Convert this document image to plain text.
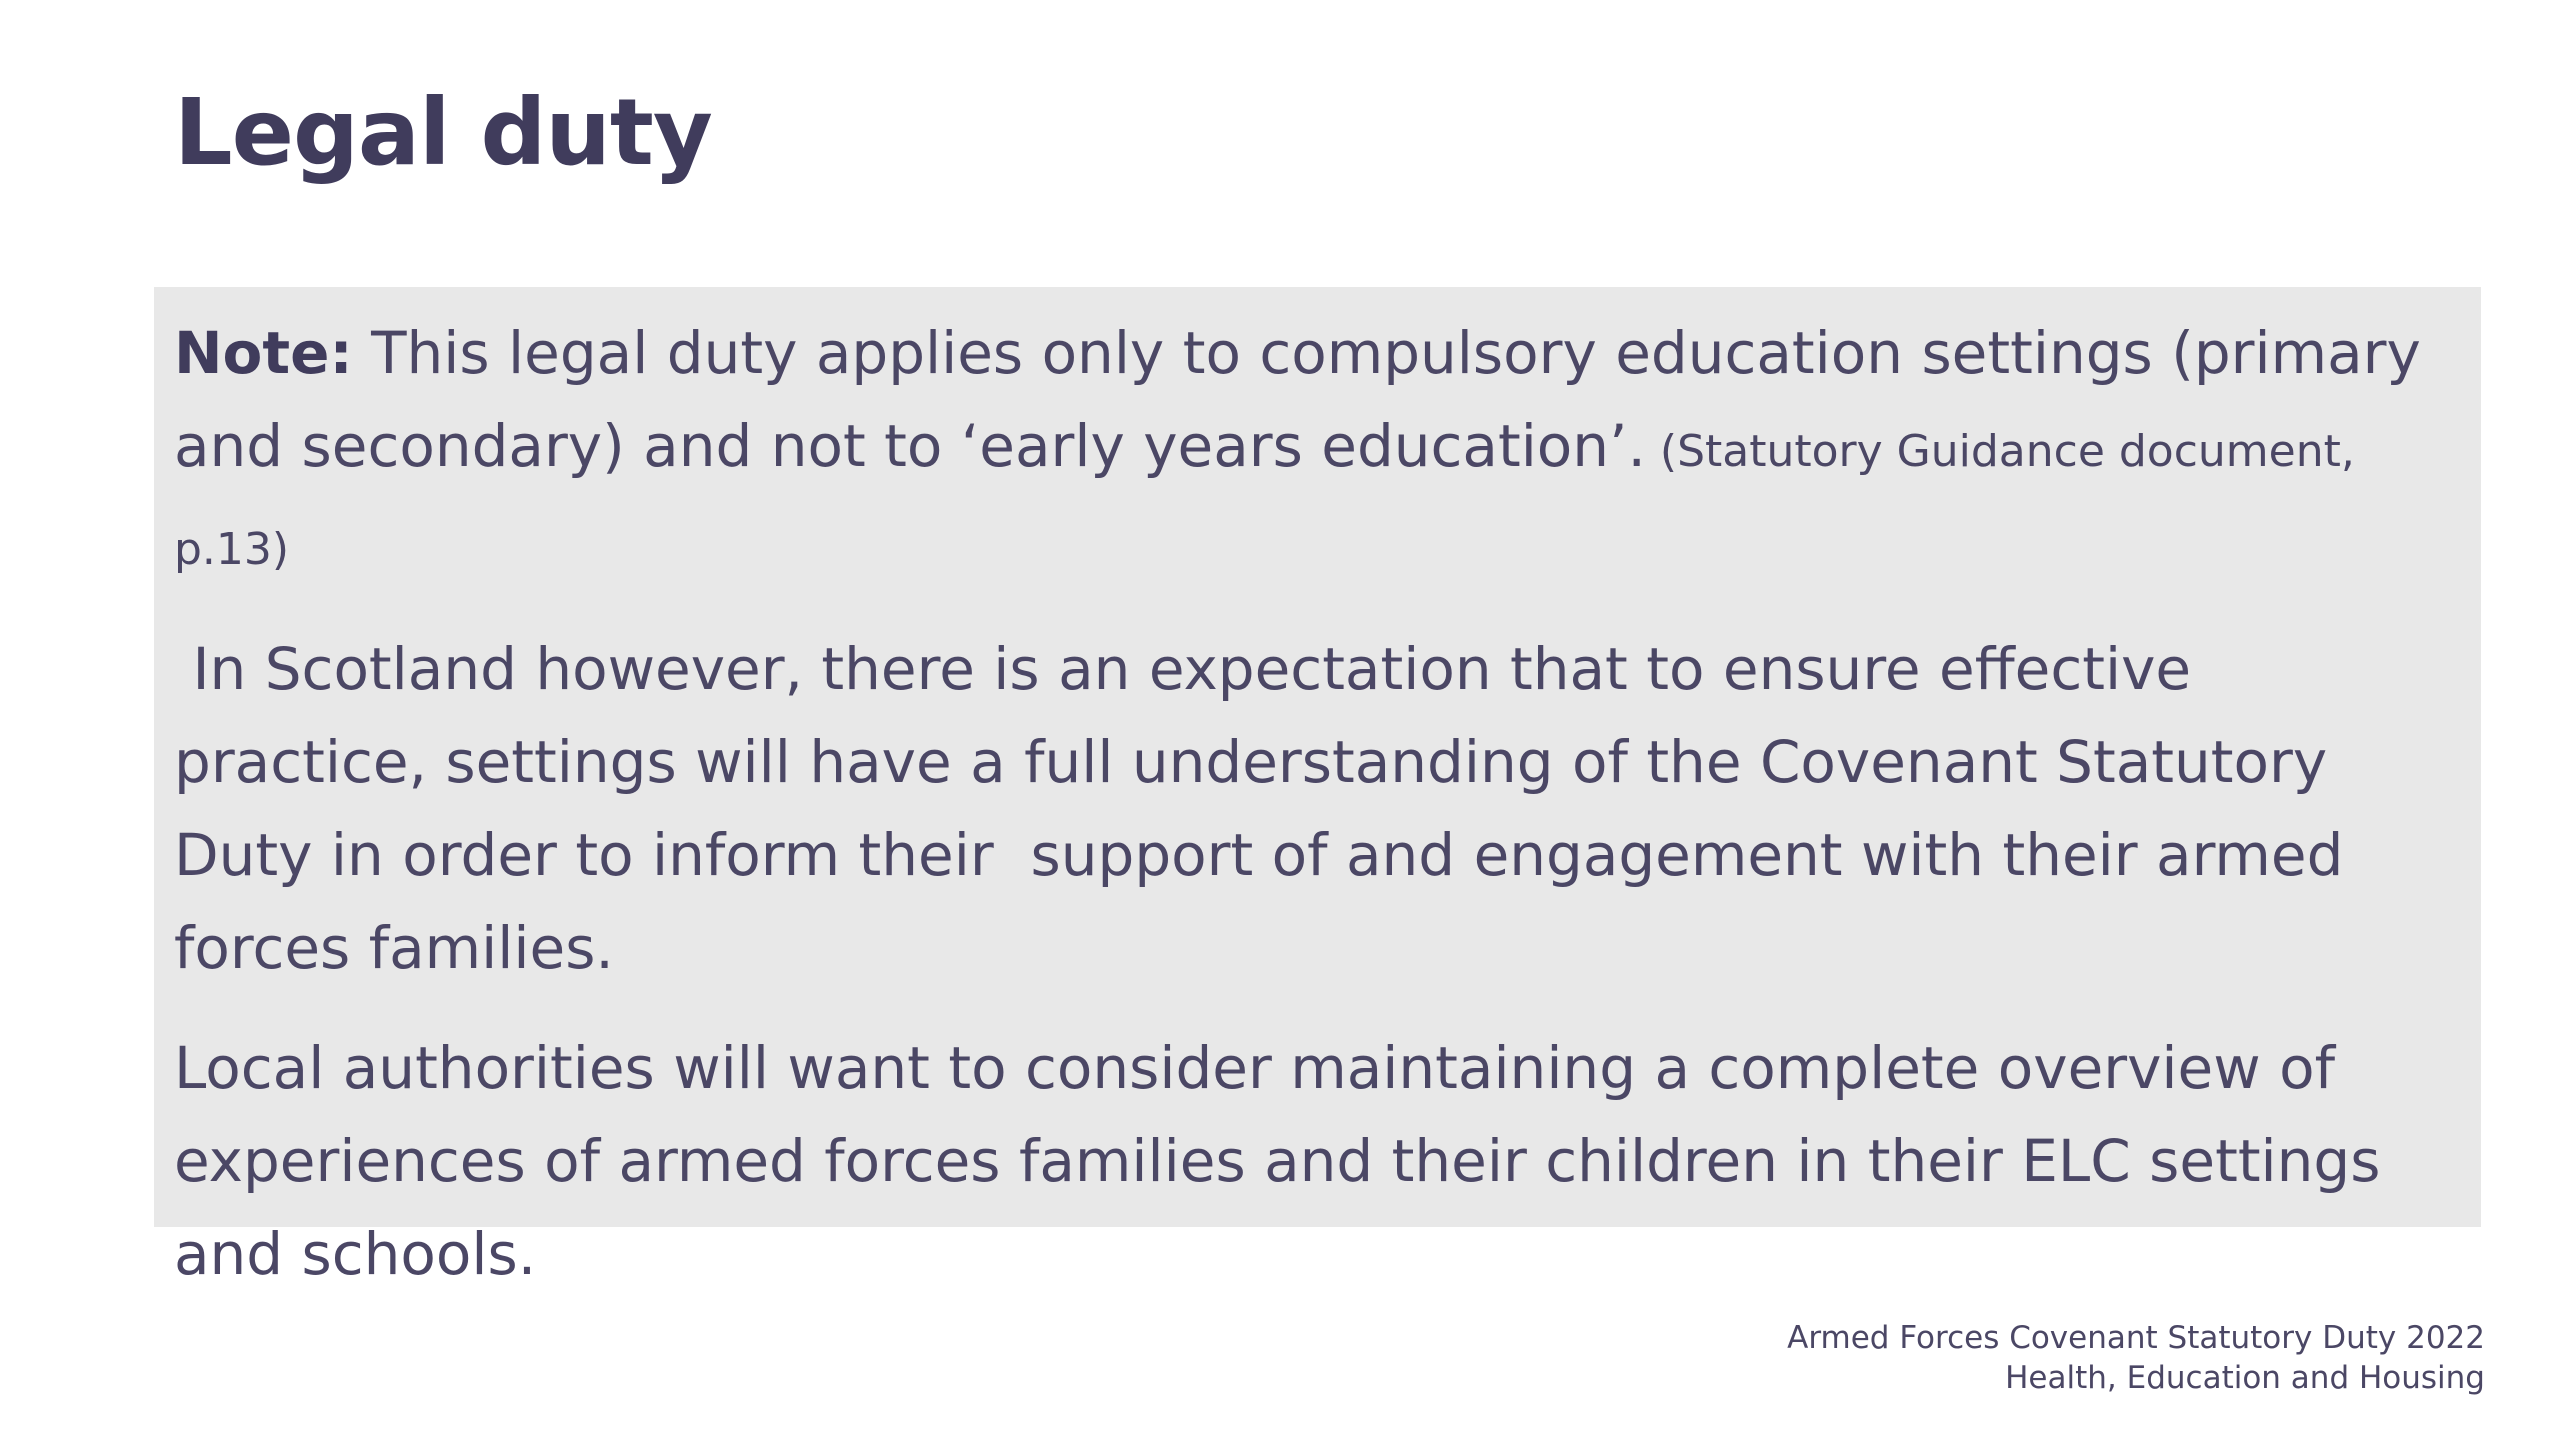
Legal duty

Note: This legal duty applies only to compulsory education settings (primary and secondary) and not to ‘early years education’. (Statutory Guidance document, p.13)

In Scotland however, there is an expectation that to ensure effective practice, settings will have a full understanding of the Covenant Statutory Duty in order to inform their  support of and engagement with their armed forces families.

Local authorities will want to consider maintaining a complete overview of experiences of armed forces families and their children in their ELC settings and schools.

Armed Forces Covenant Statutory Duty 2022
Health, Education and Housing
